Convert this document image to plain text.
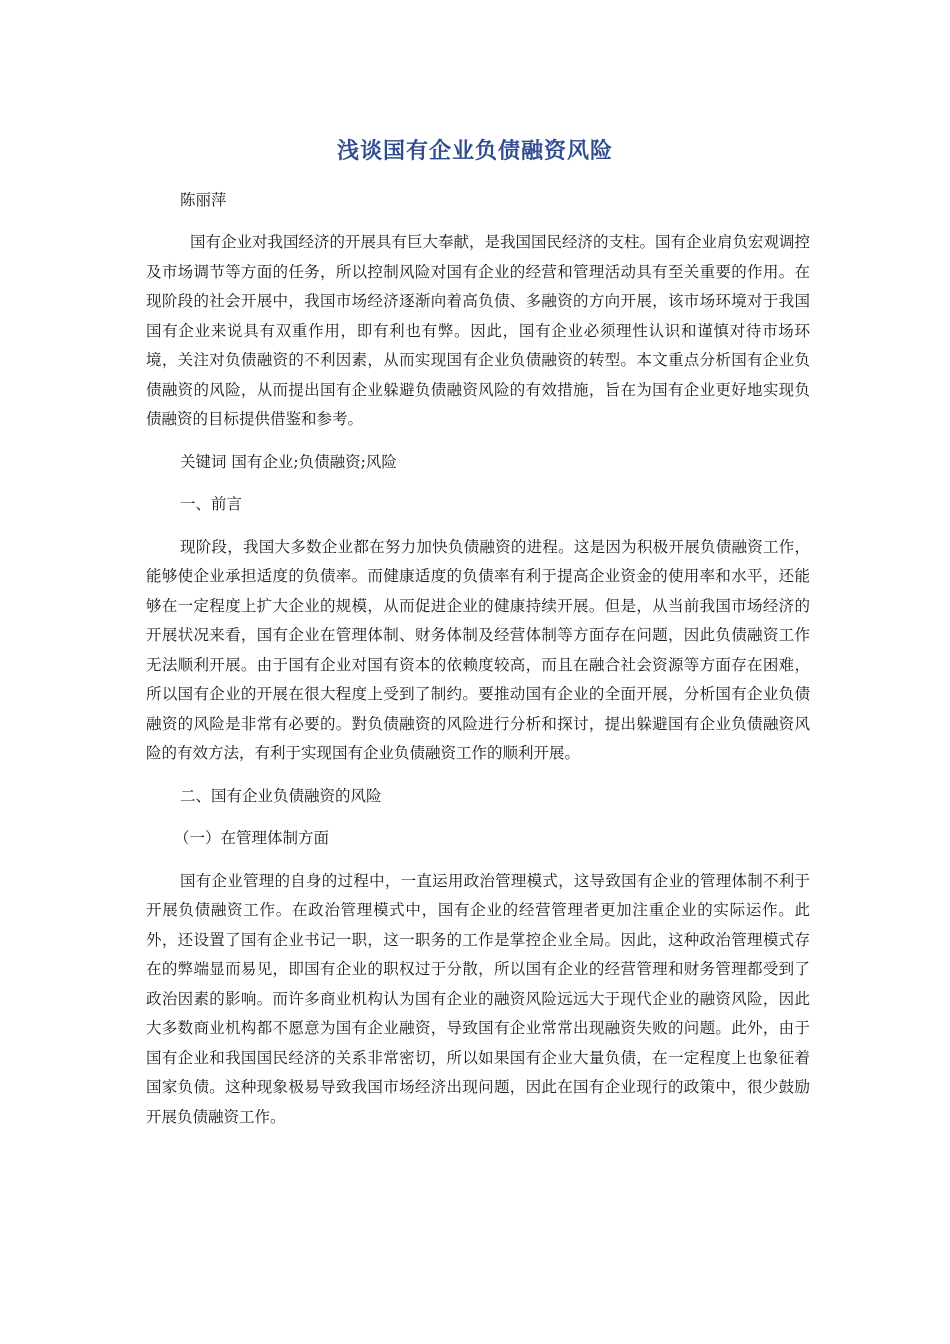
浅谈国有企业负债融资风险
陈丽萍

国有企业对我国经济的开展具有巨大奉献，是我国国民经济的支柱。国有企业肩负宏观调控及市场调节等方面的任务，所以控制风险对国有企业的经营和管理活动具有至关重要的作用。在现阶段的社会开展中，我国市场经济逐渐向着高负债、多融资的方向开展，该市场环境对于我国国有企业来说具有双重作用，即有利也有弊。因此，国有企业必须理性认识和谨慎对待市场环境，关注对负债融资的不利因素，从而实现国有企业负债融资的转型。本文重点分析国有企业负债融资的风险，从而提出国有企业躲避负债融资风险的有效措施，旨在为国有企业更好地实现负债融资的目标提供借鉴和参考。

关键词 国有企业;负债融资;风险

一、前言

现阶段，我国大多数企业都在努力加快负债融资的进程。这是因为积极开展负债融资工作，能够使企业承担适度的负债率。而健康适度的负债率有利于提高企业资金的使用率和水平，还能够在一定程度上扩大企业的规模，从而促进企业的健康持续开展。但是，从当前我国市场经济的开展状况来看，国有企业在管理体制、财务体制及经营体制等方面存在问题，因此负债融资工作无法顺利开展。由于国有企业对国有资本的依赖度较高，而且在融合社会资源等方面存在困难，所以国有企业的开展在很大程度上受到了制约。要推动国有企业的全面开展，分析国有企业负债融资的风险是非常有必要的。對负债融资的风险进行分析和探讨，提出躲避国有企业负债融资风险的有效方法，有利于实现国有企业负债融资工作的顺利开展。

二、国有企业负债融资的风险

（一）在管理体制方面

国有企业管理的自身的过程中，一直运用政治管理模式，这导致国有企业的管理体制不利于开展负债融资工作。在政治管理模式中，国有企业的经营管理者更加注重企业的实际运作。此外，还设置了国有企业书记一职，这一职务的工作是掌控企业全局。因此，这种政治管理模式存在的弊端显而易见，即国有企业的职权过于分散，所以国有企业的经营管理和财务管理都受到了政治因素的影响。而许多商业机构认为国有企业的融资风险远远大于现代企业的融资风险，因此大多数商业机构都不愿意为国有企业融资，导致国有企业常常出现融资失败的问题。此外，由于国有企业和我国国民经济的关系非常密切，所以如果国有企业大量负债，在一定程度上也象征着国家负债。这种现象极易导致我国市场经济出现问题，因此在国有企业现行的政策中，很少鼓励开展负债融资工作。
